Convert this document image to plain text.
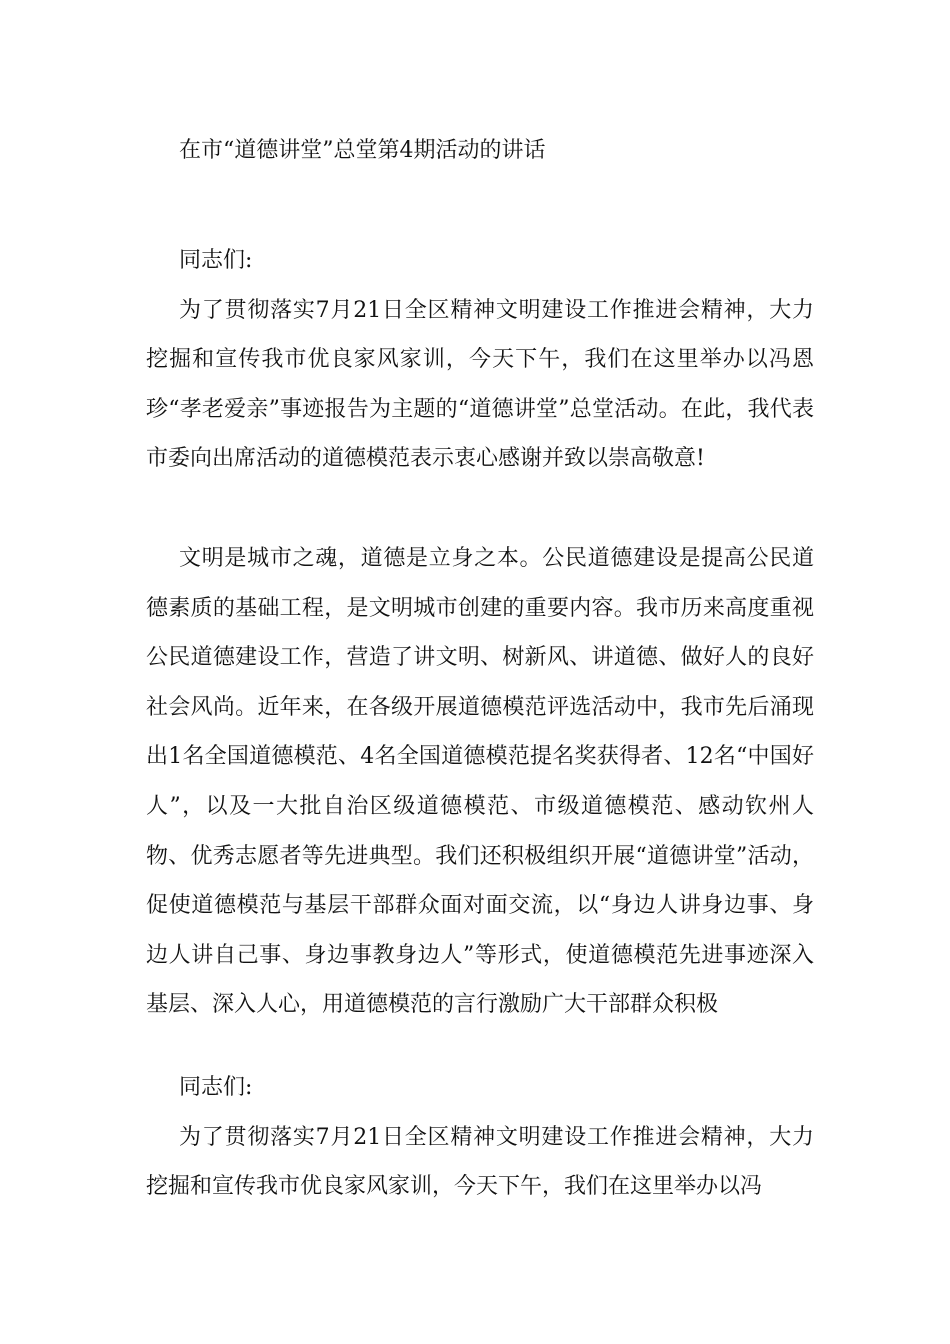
在市“道德讲堂”总堂第4期活动的讲话
同志们:
为了贯彻落实7月21日全区精神文明建设工作推进会精神，大力挖掘和宣传我市优良家风家训，今天下午，我们在这里举办以冯恩珍“孝老爱亲”事迹报告为主题的“道德讲堂”总堂活动。在此，我代表市委向出席活动的道德模范表示衷心感谢并致以崇高敬意!
文明是城市之魂，道德是立身之本。公民道德建设是提高公民道德素质的基础工程，是文明城市创建的重要内容。我市历来高度重视公民道德建设工作，营造了讲文明、树新风、讲道德、做好人的良好社会风尚。近年来，在各级开展道德模范评选活动中，我市先后涌现出1名全国道德模范、4名全国道德模范提名奖获得者、12名“中国好人”，以及一大批自治区级道德模范、市级道德模范、感动钦州人物、优秀志愿者等先进典型。我们还积极组织开展“道德讲堂”活动，促使道德模范与基层干部群众面对面交流，以“身边人讲身边事、身边人讲自己事、身边事教身边人”等形式，使道德模范先进事迹深入基层、深入人心，用道德模范的言行激励广大干部群众积极
同志们:
为了贯彻落实7月21日全区精神文明建设工作推进会精神，大力挖掘和宣传我市优良家风家训，今天下午，我们在这里举办以冯
